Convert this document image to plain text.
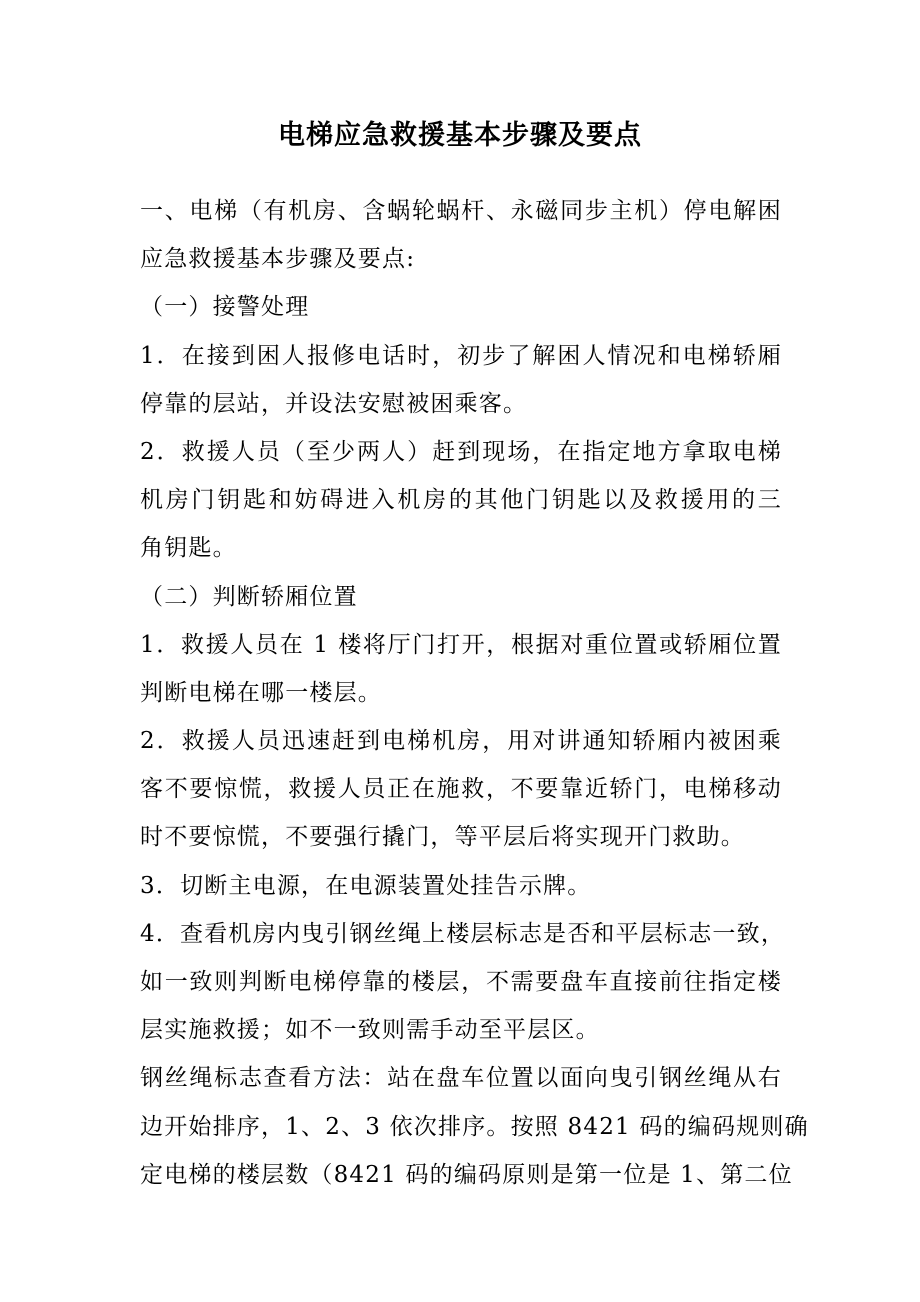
电梯应急救援基本步骤及要点
一、电梯（有机房、含蜗轮蜗杆、永磁同步主机）停电解困
应急救援基本步骤及要点:
（一）接警处理
1．在接到困人报修电话时，初步了解困人情况和电梯轿厢
停靠的层站，并设法安慰被困乘客。
2．救援人员（至少两人）赶到现场，在指定地方拿取电梯
机房门钥匙和妨碍进入机房的其他门钥匙以及救援用的三
角钥匙。
（二）判断轿厢位置
1．救援人员在 1 楼将厅门打开，根据对重位置或轿厢位置
判断电梯在哪一楼层。
2．救援人员迅速赶到电梯机房，用对讲通知轿厢内被困乘
客不要惊慌，救援人员正在施救，不要靠近轿门，电梯移动
时不要惊慌，不要强行撬门，等平层后将实现开门救助。
3．切断主电源，在电源装置处挂告示牌。
4．查看机房内曳引钢丝绳上楼层标志是否和平层标志一致，
如一致则判断电梯停靠的楼层，不需要盘车直接前往指定楼
层实施救援；如不一致则需手动至平层区。
钢丝绳标志查看方法：站在盘车位置以面向曳引钢丝绳从右
边开始排序，1、2、3 依次排序。按照 8421 码的编码规则确
定电梯的楼层数（8421 码的编码原则是第一位是 1、第二位
